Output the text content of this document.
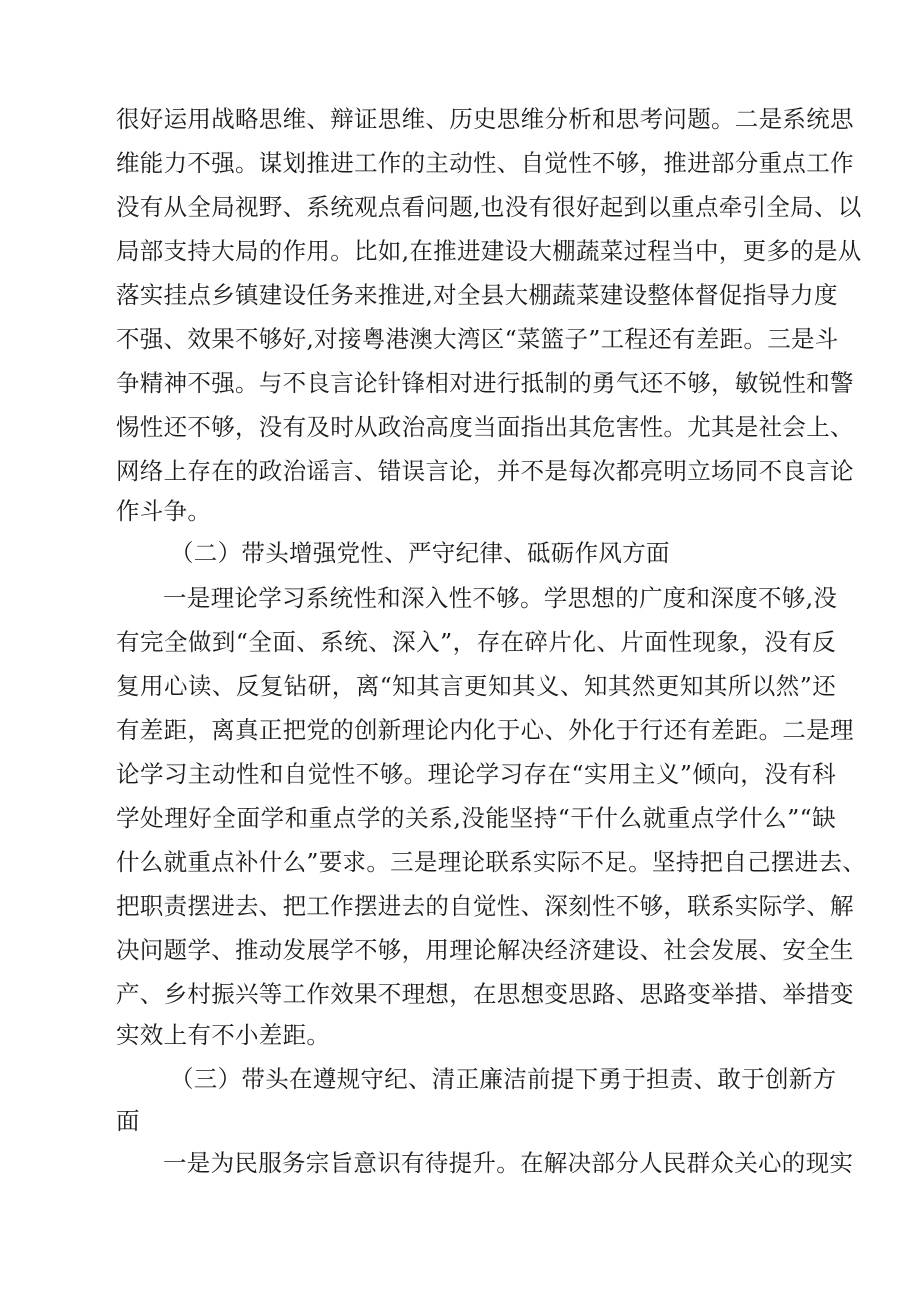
很好运用战略思维、辩证思维、历史思维分析和思考问题。二是系统思
维能力不强。谋划推进工作的主动性、自觉性不够，推进部分重点工作
没有从全局视野、系统观点看问题,也没有很好起到以重点牵引全局、以
局部支持大局的作用。比如,在推进建设大棚蔬菜过程当中，更多的是从
落实挂点乡镇建设任务来推进,对全县大棚蔬菜建设整体督促指导力度
不强、效果不够好,对接粤港澳大湾区“菜篮子”工程还有差距。三是斗
争精神不强。与不良言论针锋相对进行抵制的勇气还不够，敏锐性和警
惕性还不够，没有及时从政治高度当面指出其危害性。尤其是社会上、
网络上存在的政治谣言、错误言论，并不是每次都亮明立场同不良言论
作斗争。
（二）带头增强党性、严守纪律、砥砺作风方面
一是理论学习系统性和深入性不够。学思想的广度和深度不够,没
有完全做到“全面、系统、深入”，存在碎片化、片面性现象，没有反
复用心读、反复钻研，离“知其言更知其义、知其然更知其所以然”还
有差距，离真正把党的创新理论内化于心、外化于行还有差距。二是理
论学习主动性和自觉性不够。理论学习存在“实用主义”倾向，没有科
学处理好全面学和重点学的关系,没能坚持“干什么就重点学什么”“缺
什么就重点补什么”要求。三是理论联系实际不足。坚持把自己摆进去、
把职责摆进去、把工作摆进去的自觉性、深刻性不够，联系实际学、解
决问题学、推动发展学不够，用理论解决经济建设、社会发展、安全生
产、乡村振兴等工作效果不理想，在思想变思路、思路变举措、举措变
实效上有不小差距。
（三）带头在遵规守纪、清正廉洁前提下勇于担责、敢于创新方
面
一是为民服务宗旨意识有待提升。在解决部分人民群众关心的现实
